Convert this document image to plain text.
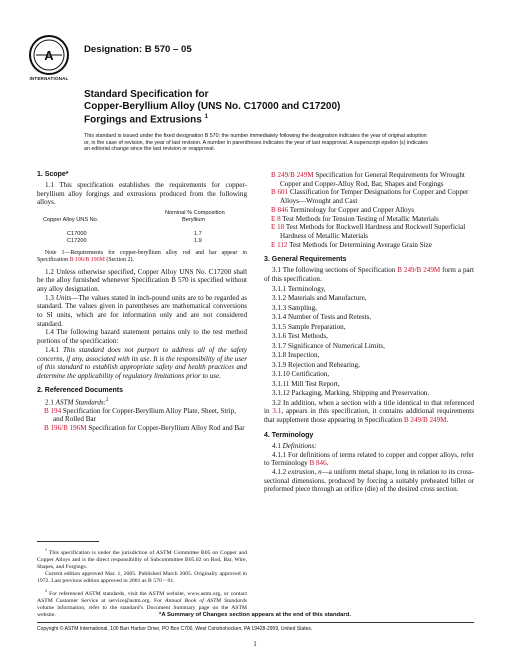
A
INTERNATIONAL
Designation: B 570 – 05
Standard Specification for
Copper-Beryllium Alloy (UNS No. C17000 and C17200)
Forgings and Extrusions $^1$
This standard is issued under the fixed designation B 570; the number immediately following the designation indicates the year of original adoption or, in the case of revision, the year of last revision. A number in parentheses indicates the year of last reapproval. A superscript epsilon (ε) indicates an editorial change since the last revision or reapproval.
1. Scope*

1.1 This specification establishes the requirements for copper-beryllium alloy forgings and extrusions produced from the following alloys.

Nominal % Composition
Copper Alloy UNS No.	Beryllium
C17000	1.7
C17200	1.9

Note 1—Requirements for copper-beryllium alloy rod and bar appear in Specification B 196/B 196M (Section 2).

1.2 Unless otherwise specified, Copper Alloy UNS No. C17200 shall be the alloy furnished whenever Specification B 570 is specified without any alloy designation.

1.3 Units—The values stated in inch-pound units are to be regarded as standard. The values given in parentheses are mathematical conversions to SI units, which are for information only and are not considered standard.

1.4 The following hazard statement pertains only to the test method portions of the specification:

1.4.1 This standard does not purport to address all of the safety concerns, if any, associated with its use. It is the responsibility of the user of this standard to establish appropriate safety and health practices and determine the applicability of regulatory limitations prior to use.

2. Referenced Documents

2.1 ASTM Standards:$^2$

B 194 Specification for Copper-Beryllium Alloy Plate, Sheet, Strip, and Rolled Bar

B 196/B 196M Specification for Copper-Beryllium Alloy Rod and Bar

$^1$ This specification is under the jurisdiction of ASTM Committee B05 on Copper and Copper Alloys and is the direct responsibility of Subcommittee B05.02 on Rod, Bar, Wire, Shapes, and Forgings.

Current edition approved Mar. 1, 2005. Published March 2005. Originally approved in 1972. Last previous edition approved in 2001 as B 570 – 01.

$^2$ For referenced ASTM standards, visit the ASTM website, www.astm.org, or contact ASTM Customer Service at service@astm.org. For Annual Book of ASTM Standards volume information, refer to the standard’s Document Summary page on the ASTM website.

B 249/B 249M Specification for General Requirements for Wrought Copper and Copper-Alloy Rod, Bar, Shapes and Forgings

B 601 Classification for Temper Designations for Copper and Copper Alloys—Wrought and Cast

B 846 Terminology for Copper and Copper Alloys

E 8 Test Methods for Tension Testing of Metallic Materials

E 18 Test Methods for Rockwell Hardness and Rockwell Superficial Hardness of Metallic Materials

E 112 Test Methods for Determining Average Grain Size

3. General Requirements

3.1 The following sections of Specification B 249/B 249M form a part of this specification.

3.1.1 Terminology,

3.1.2 Materials and Manufacture,

3.1.3 Sampling,

3.1.4 Number of Tests and Retests,

3.1.5 Sample Preparation,

3.1.6 Test Methods,

3.1.7 Significance of Numerical Limits,

3.1.8 Inspection,

3.1.9 Rejection and Rehearing,

3.1.10 Certification,

3.1.11 Mill Test Report,

3.1.12 Packaging, Marking, Shipping and Preservation.

3.2 In addition, when a section with a title identical to that referenced in 3.1, appears in this specification, it contains additional requirements that supplement those appearing in Specification B 249/B 249M.

4. Terminology

4.1 Definitions:

4.1.1 For definitions of terms related to copper and copper alloys, refer to Terminology B 846.

4.1.2 extrusion, n—a uniform metal shape, long in relation to its cross-sectional dimensions, produced by forcing a suitably preheated billet or preformed piece through an orifice (die) of the desired cross section.

*A Summary of Changes section appears at the end of this standard.
Copyright © ASTM International, 100 Barr Harbor Drive, PO Box C700, West Conshohocken, PA 19428-2959, United States.
1
